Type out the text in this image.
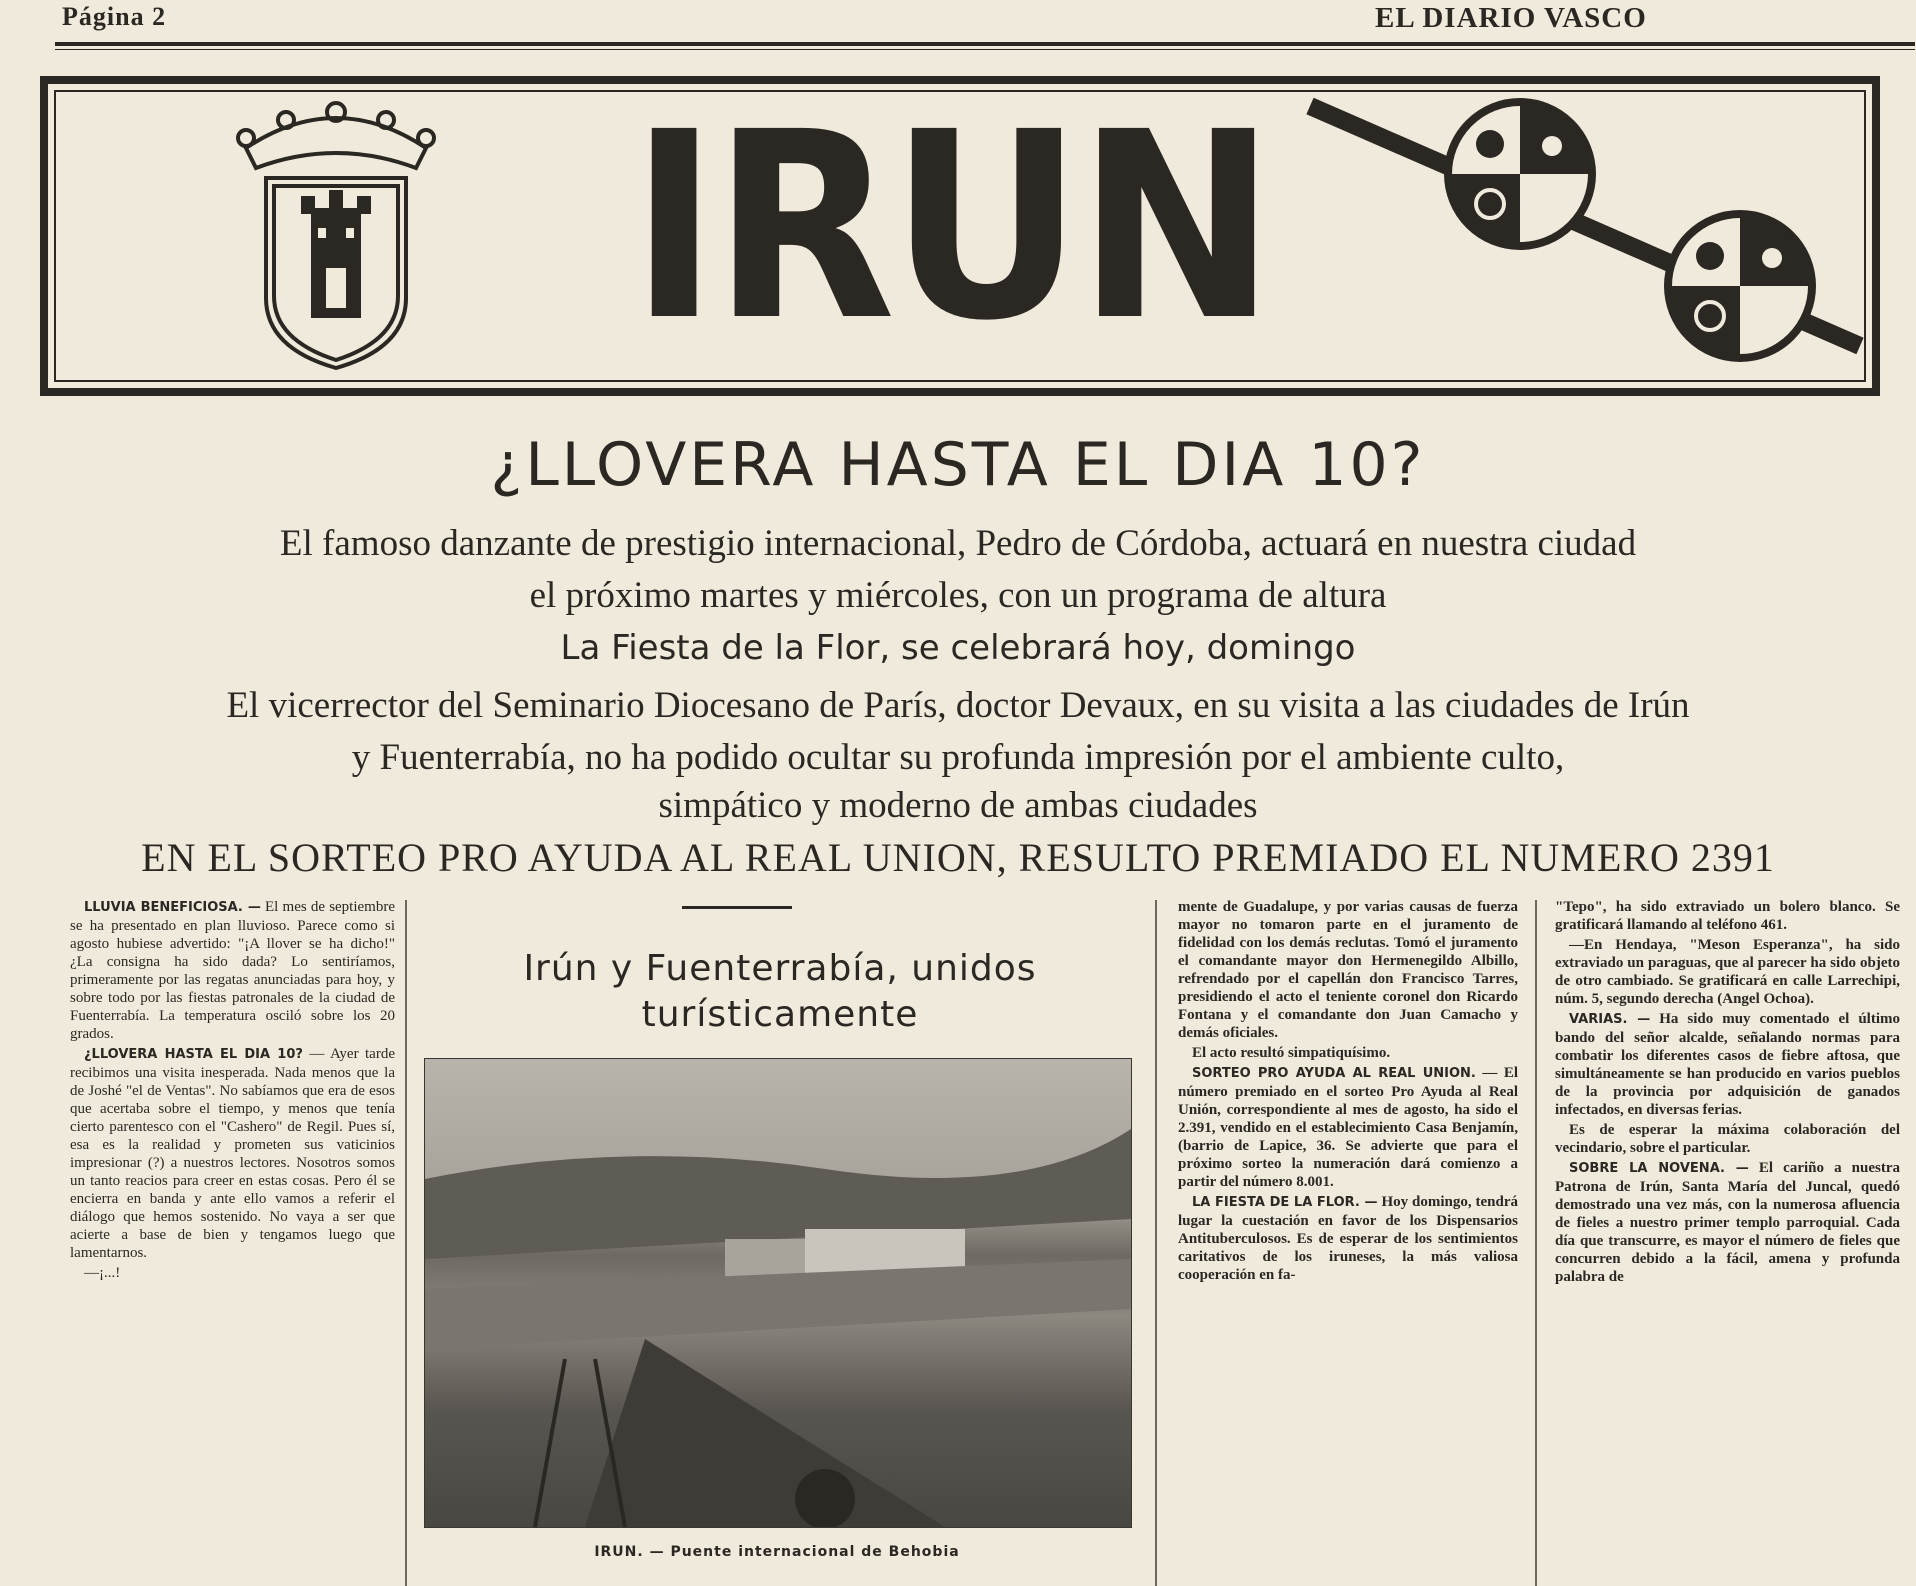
Página 2	EL DIARIO VASCO
IRUN
¿LLOVERA HASTA EL DIA 10?
El famoso danzante de prestigio internacional, Pedro de Córdoba, actuará en nuestra ciudad
el próximo martes y miércoles, con un programa de altura
La Fiesta de la Flor, se celebrará hoy, domingo
El vicerrector del Seminario Diocesano de París, doctor Devaux, en su visita a las ciudades de Irún
y Fuenterrabía, no ha podido ocultar su profunda impresión por el ambiente culto,
simpático y moderno de ambas ciudades
EN EL SORTEO PRO AYUDA AL REAL UNION, RESULTO PREMIADO EL NUMERO 2391

LLUVIA BENEFICIOSA. — El mes de septiembre se ha presentado en plan lluvioso. Parece como si agosto hubiese advertido: "¡A llover se ha dicho!" ¿La consigna ha sido dada? Lo sentiríamos, primeramente por las regatas anunciadas para hoy, y sobre todo por las fiestas patronales de la ciudad de Fuenterrabía. La temperatura osciló sobre los 20 grados.

¿LLOVERA HASTA EL DIA 10? — Ayer tarde recibimos una visita inesperada. Nada menos que la de Joshé "el de Ventas". No sabíamos que era de esos que acertaba sobre el tiempo, y menos que tenía cierto parentesco con el "Cashero" de Regil. Pues sí, esa es la realidad y prometen sus vaticinios impresionar (?) a nuestros lectores. Nosotros somos un tanto reacios para creer en estas cosas. Pero él se encierra en banda y ante ello vamos a referir el diálogo que hemos sostenido. No vaya a ser que acierte a base de bien y tengamos luego que lamentarnos.

—¡...!

Irún y Fuenterrabía, unidos
turísticamente
IRUN. — Puente internacional de Behobia

mente de Guadalupe, y por varias causas de fuerza mayor no tomaron parte en el juramento de fidelidad con los demás reclutas. Tomó el juramento el comandante mayor don Hermenegildo Albillo, refrendado por el capellán don Francisco Tarres, presidiendo el acto el teniente coronel don Ricardo Fontana y el comandante don Juan Camacho y demás oficiales.

El acto resultó simpatiquísimo.

SORTEO PRO AYUDA AL REAL UNION. — El número premiado en el sorteo Pro Ayuda al Real Unión, correspondiente al mes de agosto, ha sido el 2.391, vendido en el establecimiento Casa Benjamín, (barrio de Lapice, 36. Se advierte que para el próximo sorteo la numeración dará comienzo a partir del número 8.001.

LA FIESTA DE LA FLOR. — Hoy domingo, tendrá lugar la cuestación en favor de los Dispensarios Antituberculosos. Es de esperar de los sentimientos caritativos de los iruneses, la más valiosa cooperación en fa-

"Tepo", ha sido extraviado un bolero blanco. Se gratificará llamando al teléfono 461.

—En Hendaya, "Meson Esperanza", ha sido extraviado un paraguas, que al parecer ha sido objeto de otro cambiado. Se gratificará en calle Larrechipi, núm. 5, segundo derecha (Angel Ochoa).

VARIAS. — Ha sido muy comentado el último bando del señor alcalde, señalando normas para combatir los diferentes casos de fiebre aftosa, que simultáneamente se han producido en varios pueblos de la provincia por adquisición de ganados infectados, en diversas ferias.

Es de esperar la máxima colaboración del vecindario, sobre el particular.

SOBRE LA NOVENA. — El cariño a nuestra Patrona de Irún, Santa María del Juncal, quedó demostrado una vez más, con la numerosa afluencia de fieles a nuestro primer templo parroquial. Cada día que transcurre, es mayor el número de fieles que concurren debido a la fácil, amena y profunda palabra de
